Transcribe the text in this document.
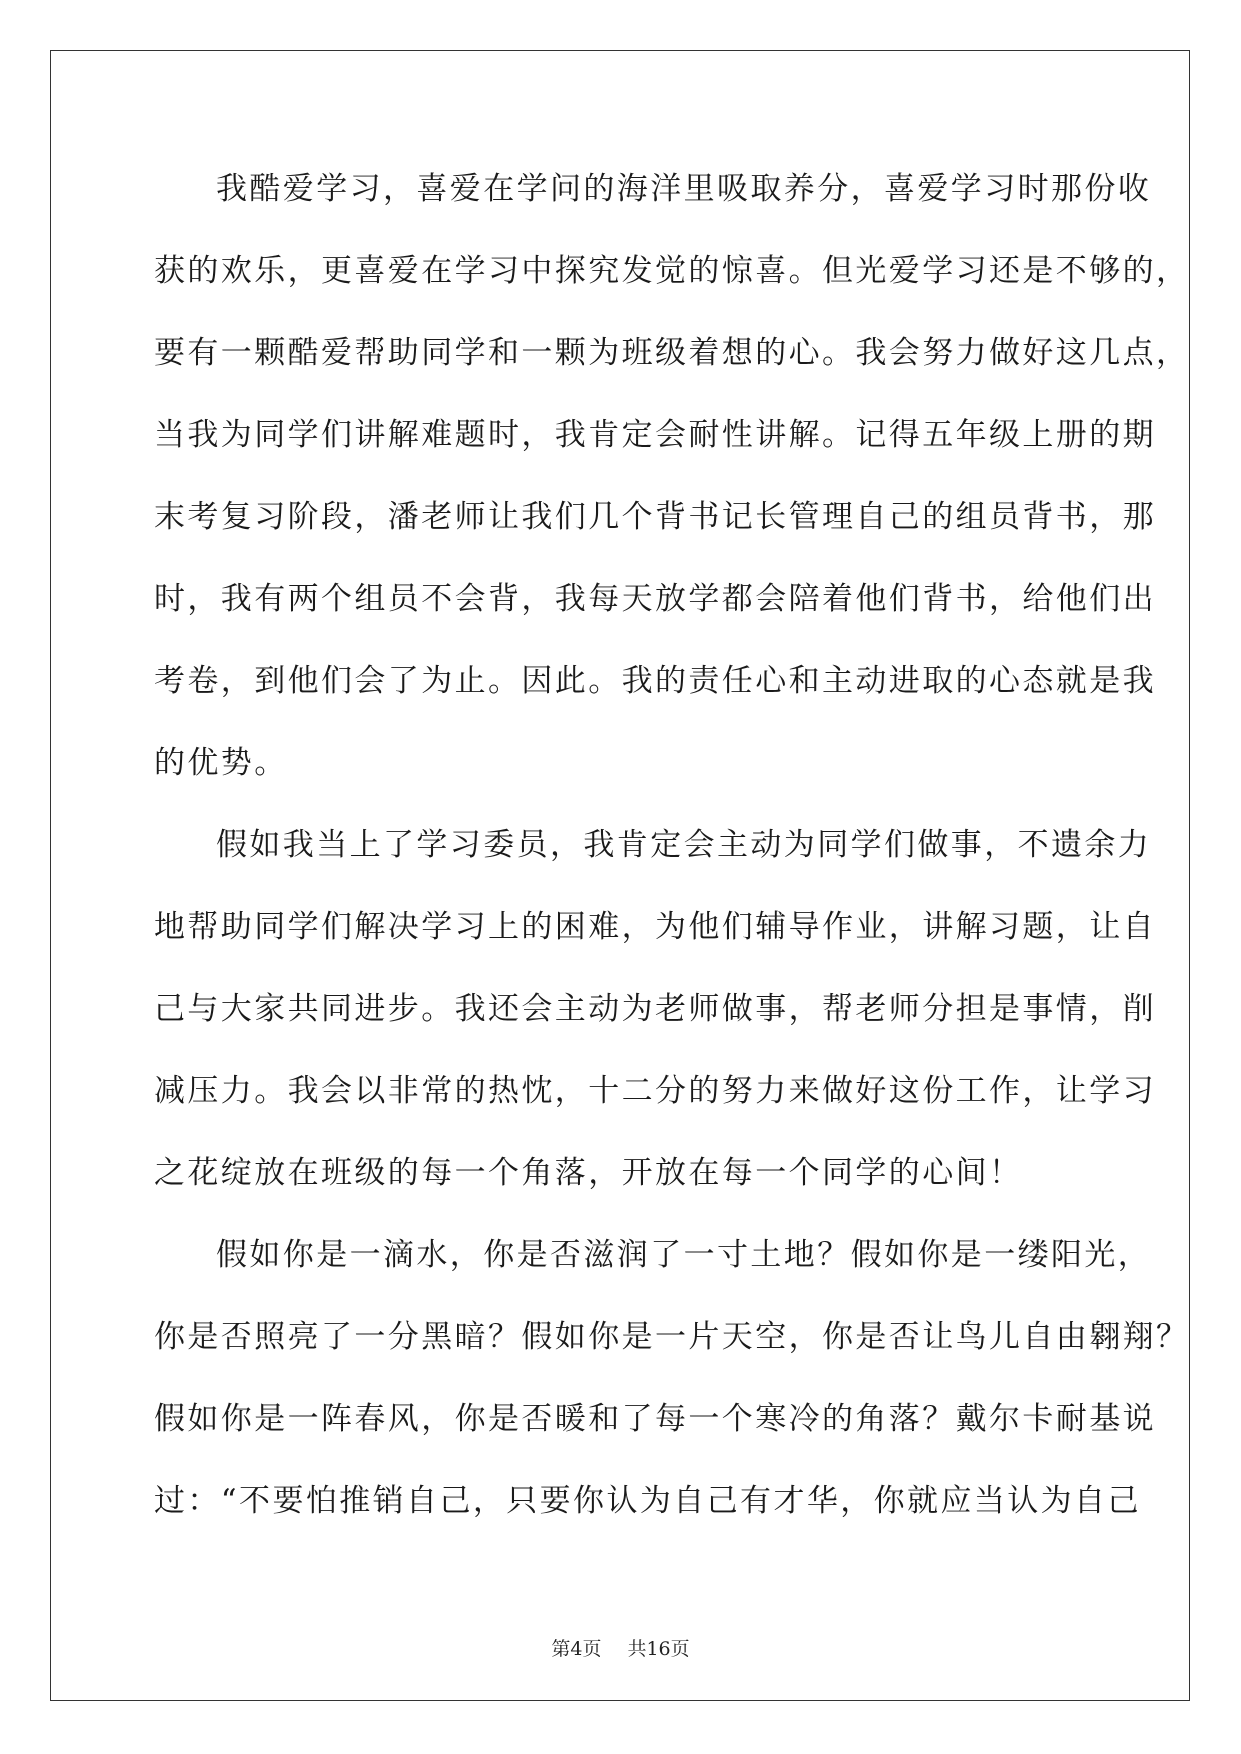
我酷爱学习，喜爱在学问的海洋里吸取养分，喜爱学习时那份收
获的欢乐，更喜爱在学习中探究发觉的惊喜。但光爱学习还是不够的，
要有一颗酷爱帮助同学和一颗为班级着想的心。我会努力做好这几点，
当我为同学们讲解难题时，我肯定会耐性讲解。记得五年级上册的期
末考复习阶段，潘老师让我们几个背书记长管理自己的组员背书，那
时，我有两个组员不会背，我每天放学都会陪着他们背书，给他们出
考卷，到他们会了为止。因此。我的责任心和主动进取的心态就是我
的优势。
假如我当上了学习委员，我肯定会主动为同学们做事，不遗余力
地帮助同学们解决学习上的困难，为他们辅导作业，讲解习题，让自
己与大家共同进步。我还会主动为老师做事，帮老师分担是事情，削
减压力。我会以非常的热忱，十二分的努力来做好这份工作，让学习
之花绽放在班级的每一个角落，开放在每一个同学的心间！
假如你是一滴水，你是否滋润了一寸土地？假如你是一缕阳光，
你是否照亮了一分黑暗？假如你是一片天空，你是否让鸟儿自由翱翔？
假如你是一阵春风，你是否暖和了每一个寒冷的角落？戴尔卡耐基说
过：“不要怕推销自己，只要你认为自己有才华，你就应当认为自己
第4页 共16页
